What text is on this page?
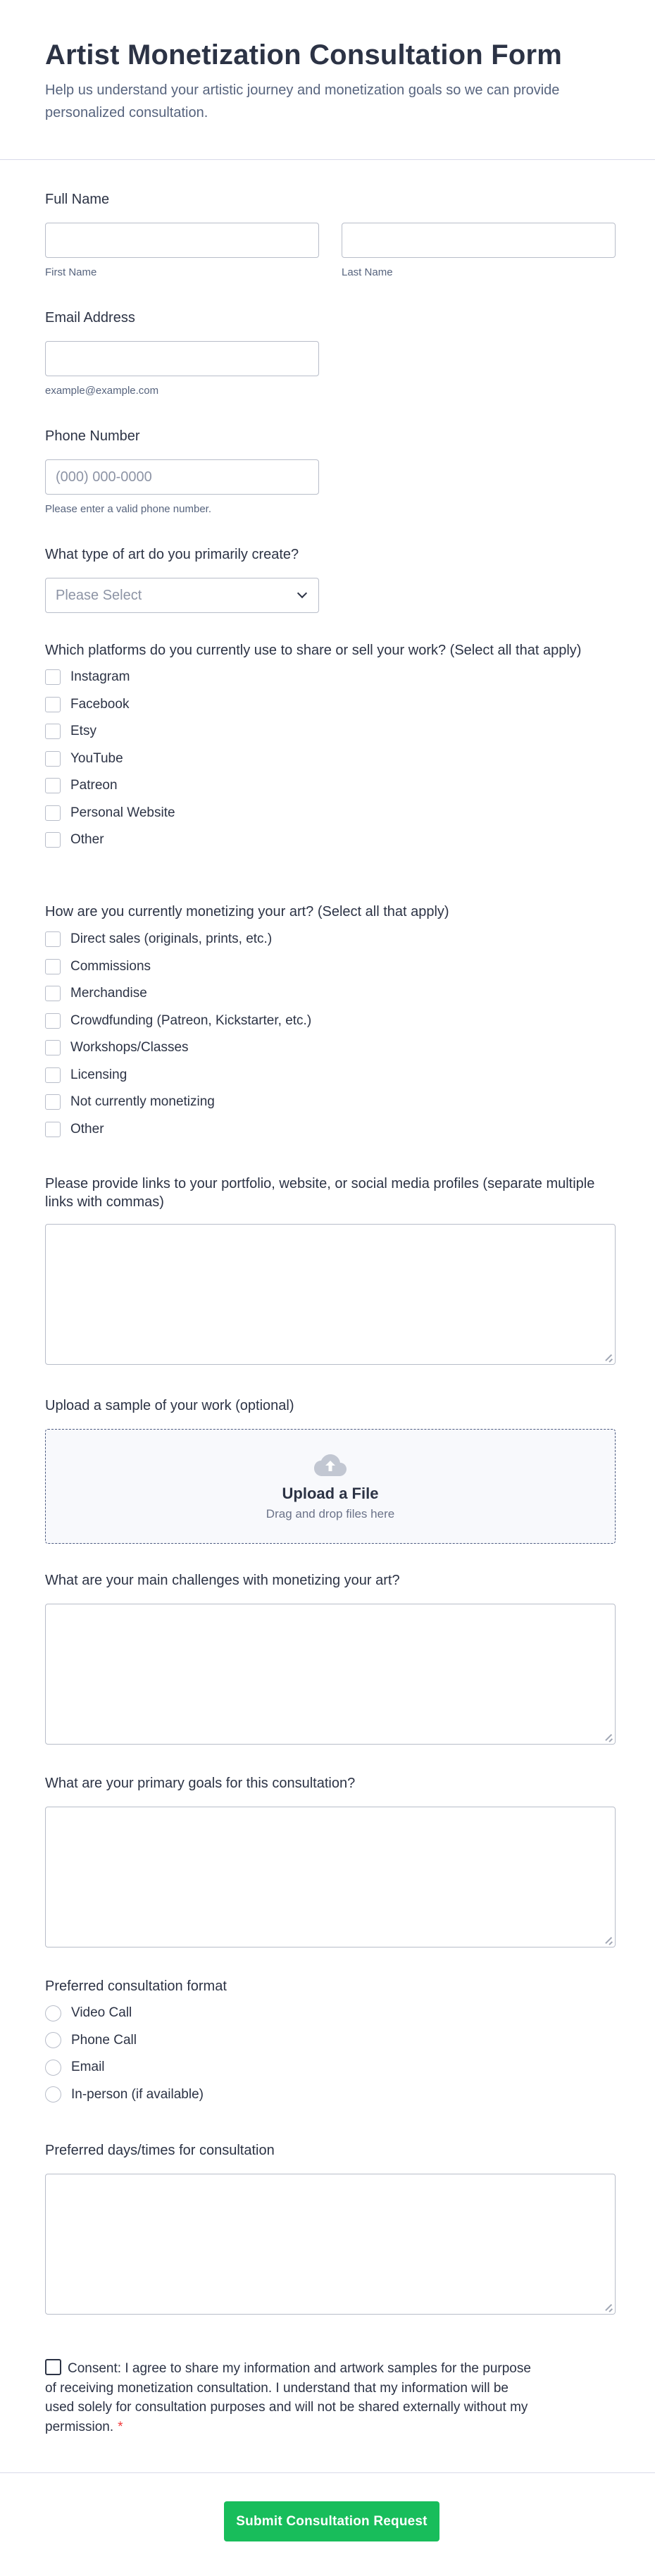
Artist Monetization Consultation Form

Help us understand your artistic journey and monetization goals so we can provide personalized consultation.

Full Name
First Name	Last Name
Email Address
example@example.com
Phone Number
(000) 000-0000
Please enter a valid phone number.
What type of art do you primarily create?
Please Select
Which platforms do you currently use to share or sell your work? (Select all that apply)
Instagram
Facebook
Etsy
YouTube
Patreon
Personal Website
Other
How are you currently monetizing your art? (Select all that apply)
Direct sales (originals, prints, etc.)
Commissions
Merchandise
Crowdfunding (Patreon, Kickstarter, etc.)
Workshops/Classes
Licensing
Not currently monetizing
Other
Please provide links to your portfolio, website, or social media profiles (separate multiple links with commas)
Upload a sample of your work (optional)
Upload a File
Drag and drop files here
What are your main challenges with monetizing your art?
What are your primary goals for this consultation?
Preferred consultation format
Video Call
Phone Call
Email
In-person (if available)
Preferred days/times for consultation
Consent: I agree to share my information and artwork samples for the purpose of receiving monetization consultation. I understand that my information will be used solely for consultation purposes and will not be shared externally without my permission. *
Submit Consultation Request
